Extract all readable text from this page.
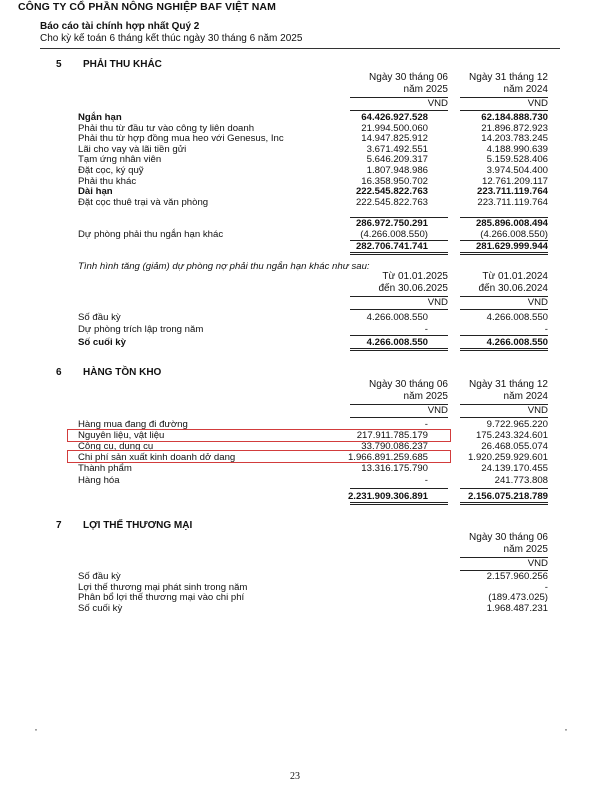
CÔNG TY CỔ PHẦN NÔNG NGHIỆP BAF VIỆT NAM
Báo cáo tài chính hợp nhất Quý 2
Cho kỳ kế toán 6 tháng kết thúc ngày 30 tháng 6 năm 2025
5 PHẢI THU KHÁC
Ngày 30 tháng 06
năm 2025
Ngày 31 tháng 12
năm 2024
VND	VND
Ngắn hạn	64.426.927.528	62.184.888.730
Phải thu từ đầu tư vào công ty liên doanh	21.994.500.060	21.896.872.923
Phải thu từ hợp đồng mua heo với Genesus, Inc	14.947.825.912	14.203.783.245
Lãi cho vay và lãi tiền gửi	3.671.492.551	4.188.990.639
Tạm ứng nhân viên	5.646.209.317	5.159.528.406
Đặt cọc, ký quỹ	1.807.948.986	3.974.504.400
Phải thu khác	16.358.950.702	12.761.209.117
Dài hạn	222.545.822.763	223.711.119.764
Đặt cọc thuê trại và văn phòng	222.545.822.763	223.711.119.764
286.972.750.291	285.896.008.494
Dự phòng phải thu ngắn hạn khác	(4.266.008.550)	(4.266.008.550)
282.706.741.741	281.629.999.944
Tình hình tăng (giảm) dự phòng nợ phải thu ngắn hạn khác như sau:
Từ 01.01.2025
đến 30.06.2025
Từ 01.01.2024
đến 30.06.2024
VND	VND
Số đầu kỳ	4.266.008.550	4.266.008.550
Dự phòng trích lập trong năm	-	-
Số cuối kỳ	4.266.008.550	4.266.008.550
6 HÀNG TỒN KHO
Ngày 30 tháng 06
năm 2025
Ngày 31 tháng 12
năm 2024
VND	VND
Hàng mua đang đi đường	-	9.722.965.220
Nguyên liệu, vật liệu	217.911.785.179	175.243.324.601
Công cụ, dụng cụ	33.790.086.237	26.468.055.074
Chi phí sản xuất kinh doanh dở dang	1.966.891.259.685	1.920.259.929.601
Thành phẩm	13.316.175.790	24.139.170.455
Hàng hóa	-	241.773.808
2.231.909.306.891	2.156.075.218.789
7 LỢI THẾ THƯƠNG MẠI
Ngày 30 tháng 06
năm 2025
VND
Số đầu kỳ	2.157.960.256
Lợi thế thương mại phát sinh trong năm	-
Phân bổ lợi thế thương mại vào chi phí	(189.473.025)
Số cuối kỳ	1.968.487.231
·	·
23
